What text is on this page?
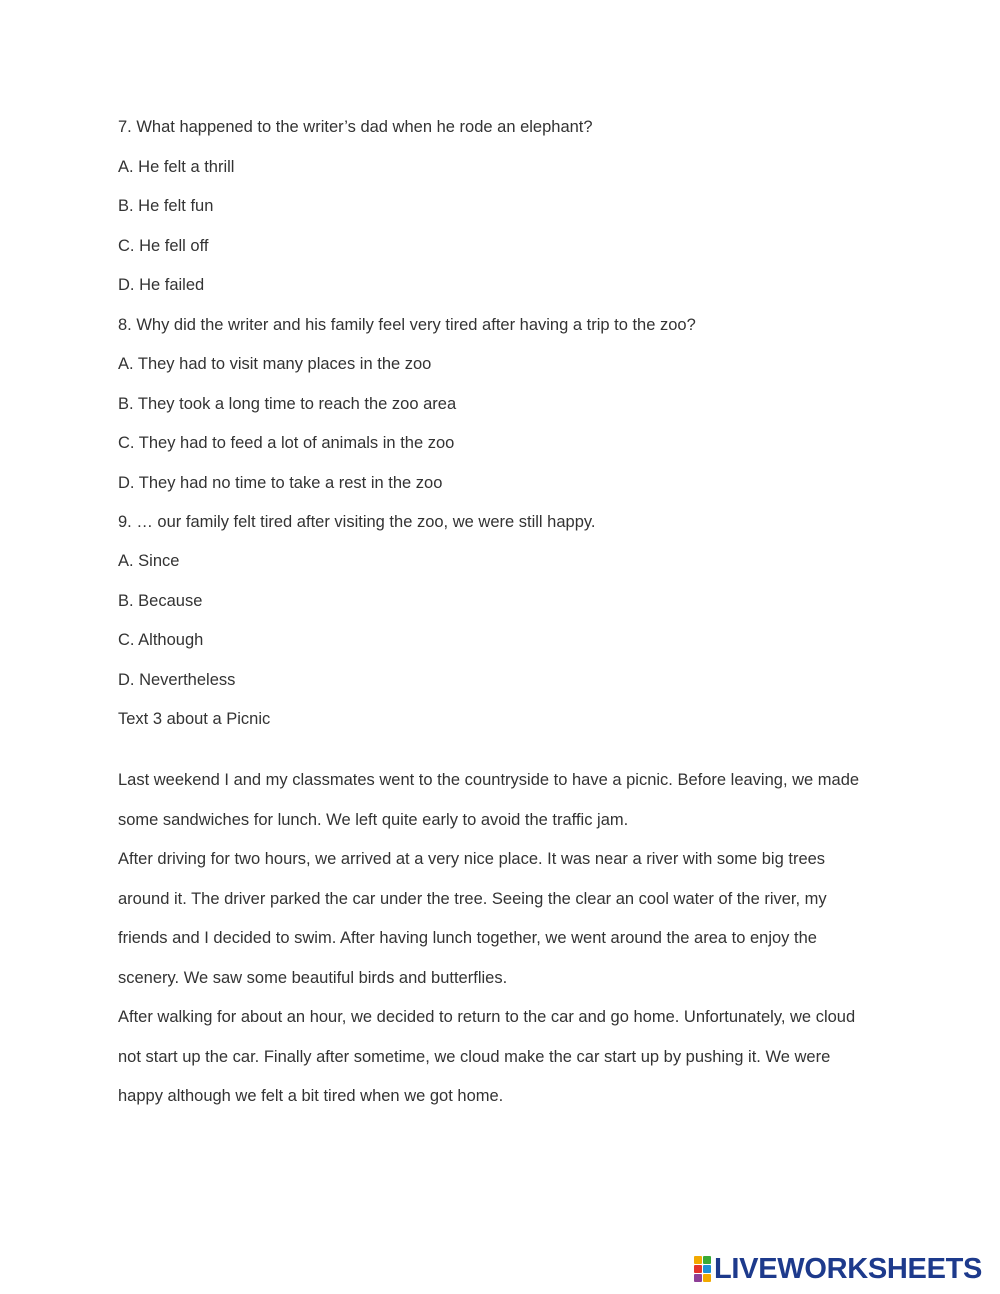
7. What happened to the writer’s dad when he rode an elephant?

A. He felt a thrill

B. He felt fun

C. He fell off

D. He failed

8. Why did the writer and his family feel very tired after having a trip to the zoo?

A. They had to visit many places in the zoo

B. They took a long time to reach the zoo area

C. They had to feed a lot of animals in the zoo

D. They had no time to take a rest in the zoo

9. … our family felt tired after visiting the zoo, we were still happy.

A. Since

B. Because

C. Although

D. Nevertheless

Text 3 about a Picnic

Last weekend I and my classmates went to the countryside to have a picnic. Before leaving, we made some sandwiches for lunch. We left quite early to avoid the traffic jam.

After driving for two hours, we arrived at a very nice place. It was near a river with some big trees around it. The driver parked the car under the tree. Seeing the clear an cool water of the river, my friends and I decided to swim. After having lunch together, we went around the area to enjoy the scenery. We saw some beautiful birds and butterflies.

After walking for about an hour, we decided to return to the car and go home. Unfortunately, we cloud not start up the car. Finally after sometime, we cloud make the car start up by pushing it. We were happy although we felt a bit tired when we got home.

LIVEWORKSHEETS
